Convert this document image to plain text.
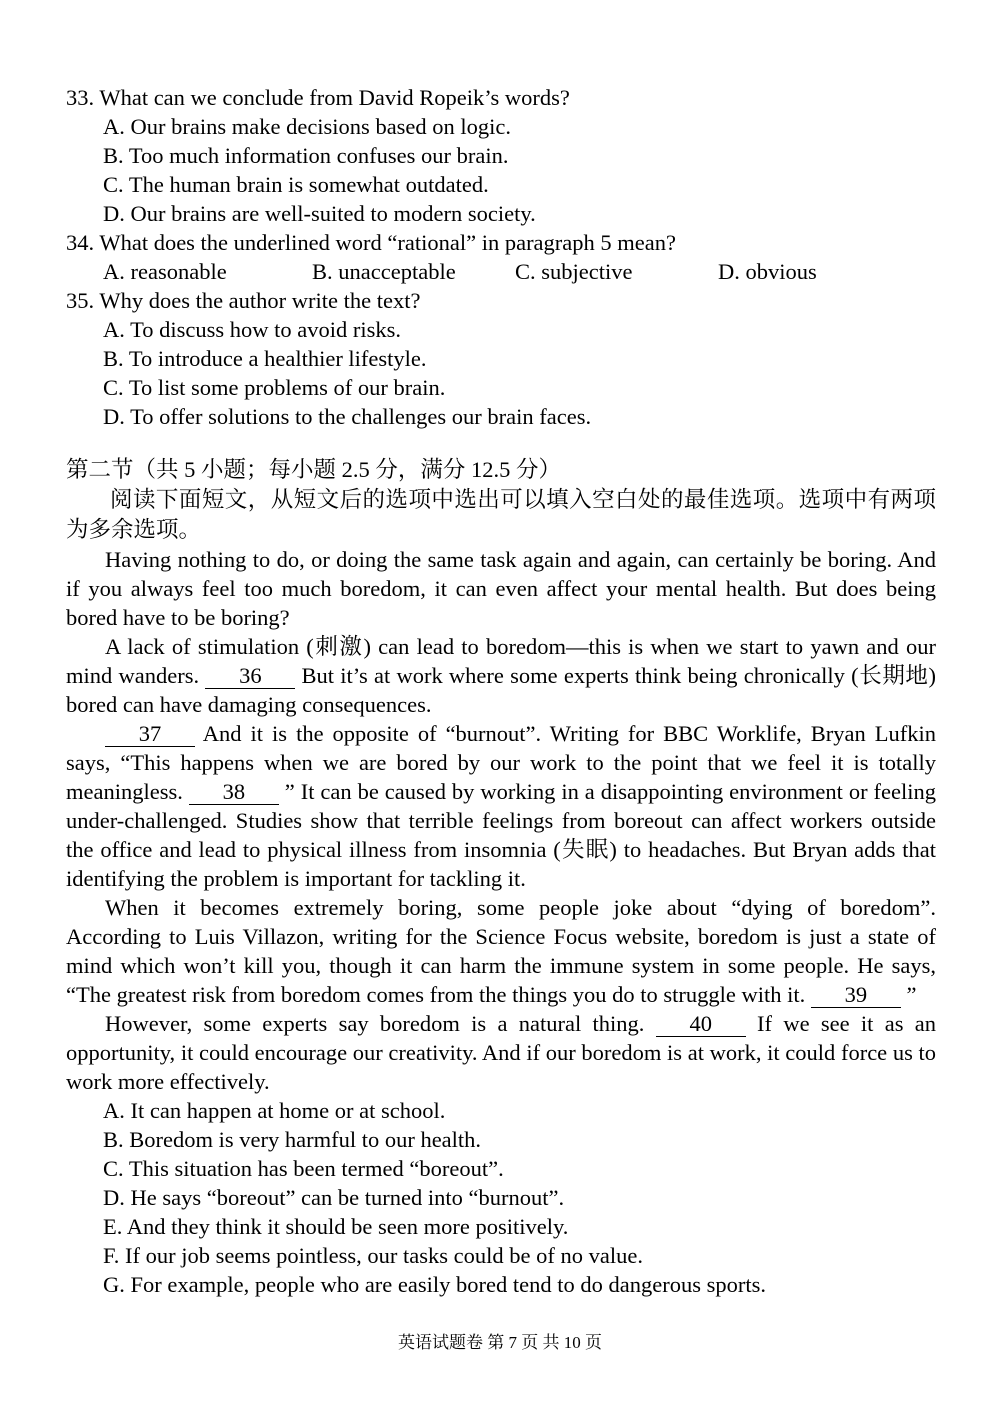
33. What can we conclude from David Ropeik’s words?
A. Our brains make decisions based on logic.
B. Too much information confuses our brain.
C. The human brain is somewhat outdated.
D. Our brains are well-suited to modern society.
34. What does the underlined word “rational” in paragraph 5 mean?
A. reasonable	B. unacceptable	C. subjective	D. obvious
35. Why does the author write the text?
A. To discuss how to avoid risks.
B. To introduce a healthier lifestyle.
C. To list some problems of our brain.
D. To offer solutions to the challenges our brain faces.
第二节（共 5 小题；每小题 2.5 分，满分 12.5 分）

阅读下面短文，从短文后的选项中选出可以填入空白处的最佳选项。选项中有两项为多余选项。

Having nothing to do, or doing the same task again and again, can certainly be boring. And if you always feel too much boredom, it can even affect your mental health. But does being bored have to be boring?

A lack of stimulation (刺激) can lead to boredom—this is when we start to yawn and our mind wanders. 36 But it’s at work where some experts think being chronically (长期地) bored can have damaging consequences.

37 And it is the opposite of “burnout”. Writing for BBC Worklife, Bryan Lufkin says, “This happens when we are bored by our work to the point that we feel it is totally meaningless. 38 ” It can be caused by working in a disappointing environment or feeling under-challenged. Studies show that terrible feelings from boreout can affect workers outside the office and lead to physical illness from insomnia (失眠) to headaches. But Bryan adds that identifying the problem is important for tackling it.

When it becomes extremely boring, some people joke about “dying of boredom”. According to Luis Villazon, writing for the Science Focus website, boredom is just a state of mind which won’t kill you, though it can harm the immune system in some people. He says, “The greatest risk from boredom comes from the things you do to struggle with it. 39 ”

However, some experts say boredom is a natural thing. 40 If we see it as an opportunity, it could encourage our creativity. And if our boredom is at work, it could force us to work more effectively.

A. It can happen at home or at school.
B. Boredom is very harmful to our health.
C. This situation has been termed “boreout”.
D. He says “boreout” can be turned into “burnout”.
E. And they think it should be seen more positively.
F. If our job seems pointless, our tasks could be of no value.
G. For example, people who are easily bored tend to do dangerous sports.
英语试题卷 第 7 页 共 10 页
